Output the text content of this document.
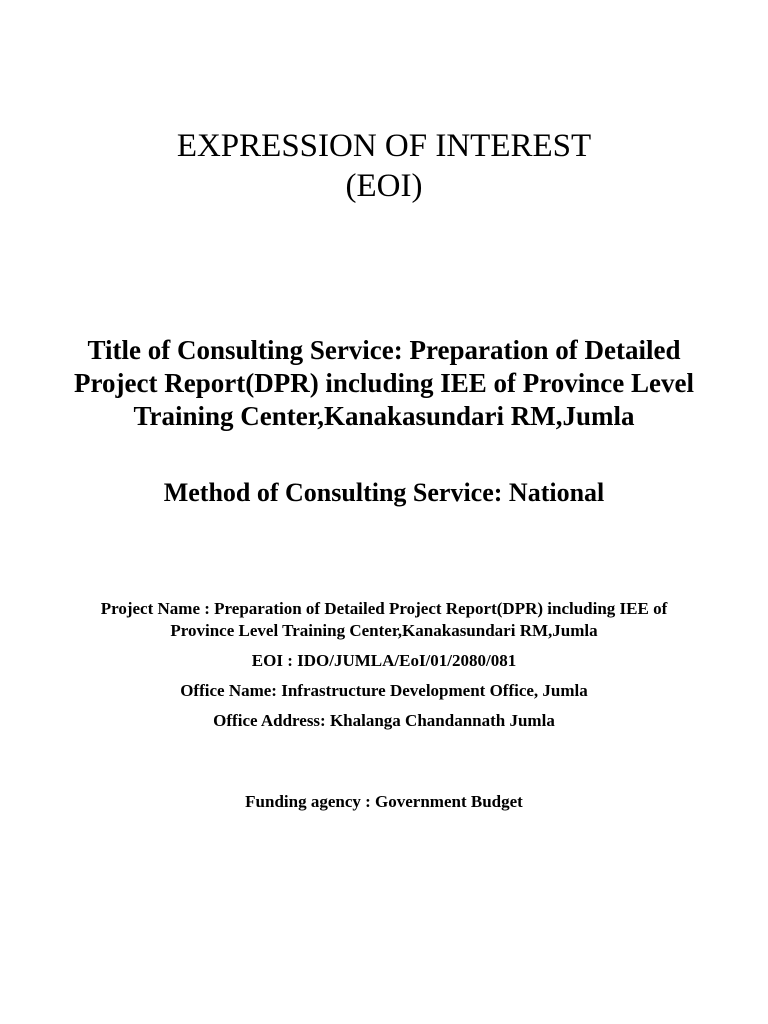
EXPRESSION OF INTEREST
(EOI)
Title of Consulting Service: Preparation of Detailed
Project Report(DPR) including IEE of Province Level
Training Center,Kanakasundari RM,Jumla
Method of Consulting Service: National
Project Name : Preparation of Detailed Project Report(DPR) including IEE of
Province Level Training Center,Kanakasundari RM,Jumla
EOI : IDO/JUMLA/EoI/01/2080/081
Office Name: Infrastructure Development Office, Jumla
Office Address: Khalanga Chandannath Jumla
Funding agency : Government Budget
